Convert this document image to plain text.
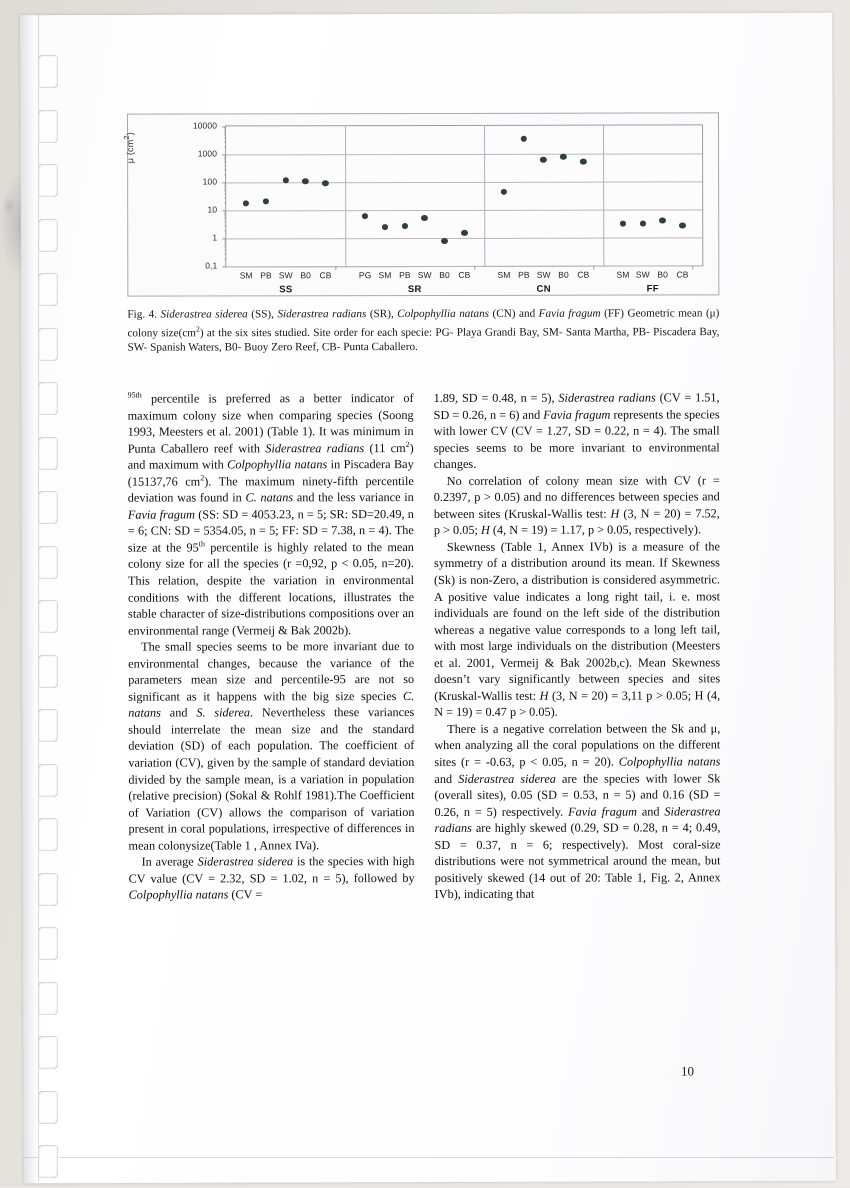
μ $(cm^2)$
10000
1000
100
10
1
0,1
SM PB SW B0 CB	PG SM PB SW B0 CB	SM PB SW B0 CB	SM SW B0 CB
SS	SR	CN	FF
Fig. 4. Siderastrea siderea (SS), Siderastrea radians (SR), Colpophyllia natans (CN) and Favia fragum (FF) Geometric mean (μ) colony $size(cm^2)$ at the six sites studied. Site order for each specie: PG- Playa Grandi Bay, SM- Santa Martha, PB- Piscadera Bay, SW- Spanish Waters, B0- Buoy Zero Reef, CB- Punta Caballero.

$^{95th}$ percentile is preferred as a better indicator of maximum colony size when comparing species (Soong 1993, Meesters et al. 2001) (Table 1). It was minimum in Punta Caballero reef with Siderastrea radians (11 $cm^2$) and maximum with Colpophyllia natans in Piscadera Bay (15137,76 $cm^2$). The maximum ninety-fifth percentile deviation was found in C. natans and the less variance in Favia fragum (SS: SD = 4053.23, n = 5; SR: SD=20.49, n = 6; CN: SD = 5354.05, n = 5; FF: SD = 7.38, n = 4). The size at the 95th percentile is highly related to the mean colony size for all the species (r =0,92, p < 0.05, n=20). This relation, despite the variation in environmental conditions with the different locations, illustrates the stable character of size-distributions compositions over an environmental range (Vermeij & Bak 2002b).

The small species seems to be more invariant due to environmental changes, because the variance of the parameters mean size and percentile-95 are not so significant as it happens with the big size species C. natans and S. siderea. Nevertheless these variances should interrelate the mean size and the standard deviation (SD) of each population. The coefficient of variation (CV), given by the sample of standard deviation divided by the sample mean, is a variation in population (relative precision) (Sokal & Rohlf 1981).The Coefficient of Variation (CV) allows the comparison of variation present in coral populations, irrespective of differences in mean colonysize(Table 1 , Annex IVa).

In average Siderastrea siderea is the species with high CV value (CV = 2.32, SD = 1.02, n = 5), followed by Colpophyllia natans (CV =

1.89, SD = 0.48, n = 5), Siderastrea radians (CV = 1.51, SD = 0.26, n = 6) and Favia fragum represents the species with lower CV (CV = 1.27, SD = 0.22, n = 4). The small species seems to be more invariant to environmental changes.

No correlation of colony mean size with CV (r = 0.2397, p > 0.05) and no differences between species and between sites (Kruskal-Wallis test: H (3, N = 20) = 7.52, p > 0.05; H (4, N = 19) = 1.17, p > 0.05, respectively).

Skewness (Table 1, Annex IVb) is a measure of the symmetry of a distribution around its mean. If Skewness (Sk) is non-Zero, a distribution is considered asymmetric. A positive value indicates a long right tail, i. e. most individuals are found on the left side of the distribution whereas a negative value corresponds to a long left tail, with most large individuals on the distribution (Meesters et al. 2001, Vermeij & Bak 2002b,c). Mean Skewness doesn’t vary significantly between species and sites (Kruskal-Wallis test: H (3, N = 20) = 3,11 p > 0.05; H (4, N = 19) = 0.47 p > 0.05).

There is a negative correlation between the Sk and μ, when analyzing all the coral populations on the different sites (r = -0.63, p < 0.05, n = 20). Colpophyllia natans and Siderastrea siderea are the species with lower Sk (overall sites), 0.05 (SD = 0.53, n = 5) and 0.16 (SD = 0.26, n = 5) respectively. Favia fragum and Siderastrea radians are highly skewed (0.29, SD = 0.28, n = 4; 0.49, SD = 0.37, n = 6; respectively). Most coral-size distributions were not symmetrical around the mean, but positively skewed (14 out of 20: Table 1, Fig. 2, Annex IVb), indicating that

10
